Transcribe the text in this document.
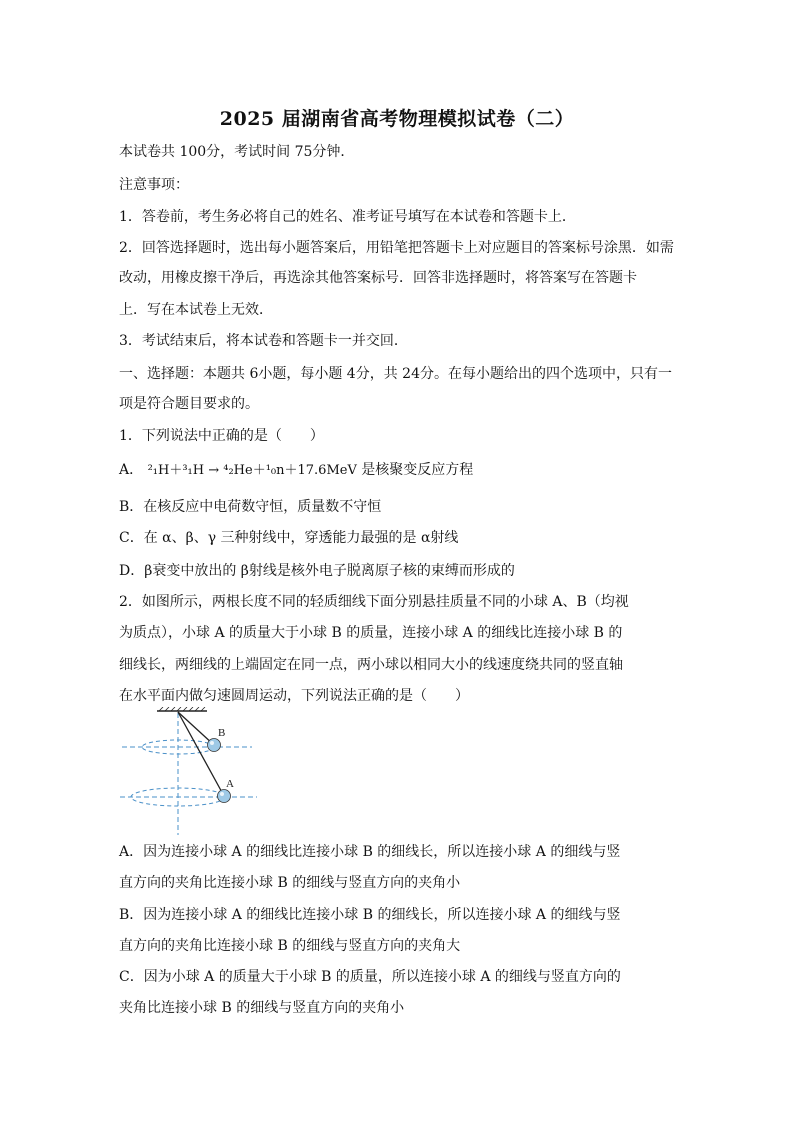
2025 届湖南省高考物理模拟试卷（二）
本试卷共 100分，考试时间 75分钟．
注意事项：
1．答卷前，考生务必将自己的姓名、准考证号填写在本试卷和答题卡上．
2．回答选择题时，选出每小题答案后，用铅笔把答题卡上对应题目的答案标号涂黑．如需
改动，用橡皮擦干净后，再选涂其他答案标号．回答非选择题时，将答案写在答题卡
上．写在本试卷上无效．
3．考试结束后，将本试卷和答题卡一并交回．
一、选择题：本题共 6小题，每小题 4分，共 24分。在每小题给出的四个选项中，只有一
项是符合题目要求的。
1．下列说法中正确的是（　　）
A． ²₁H＋³₁H → ⁴₂He＋¹₀n＋17.6MeV 是核聚变反应方程
B．在核反应中电荷数守恒，质量数不守恒
C．在 α、β、γ 三种射线中，穿透能力最强的是 α射线
D．β衰变中放出的 β射线是核外电子脱离原子核的束缚而形成的
2．如图所示，两根长度不同的轻质细线下面分别悬挂质量不同的小球 A、B（均视
为质点），小球 A 的质量大于小球 B 的质量，连接小球 A 的细线比连接小球 B 的
细线长，两细线的上端固定在同一点，两小球以相同大小的线速度绕共同的竖直轴
在水平面内做匀速圆周运动，下列说法正确的是（　　）
B
A
A．因为连接小球 A 的细线比连接小球 B 的细线长，所以连接小球 A 的细线与竖
直方向的夹角比连接小球 B 的细线与竖直方向的夹角小
B．因为连接小球 A 的细线比连接小球 B 的细线长，所以连接小球 A 的细线与竖
直方向的夹角比连接小球 B 的细线与竖直方向的夹角大
C．因为小球 A 的质量大于小球 B 的质量，所以连接小球 A 的细线与竖直方向的
夹角比连接小球 B 的细线与竖直方向的夹角小
